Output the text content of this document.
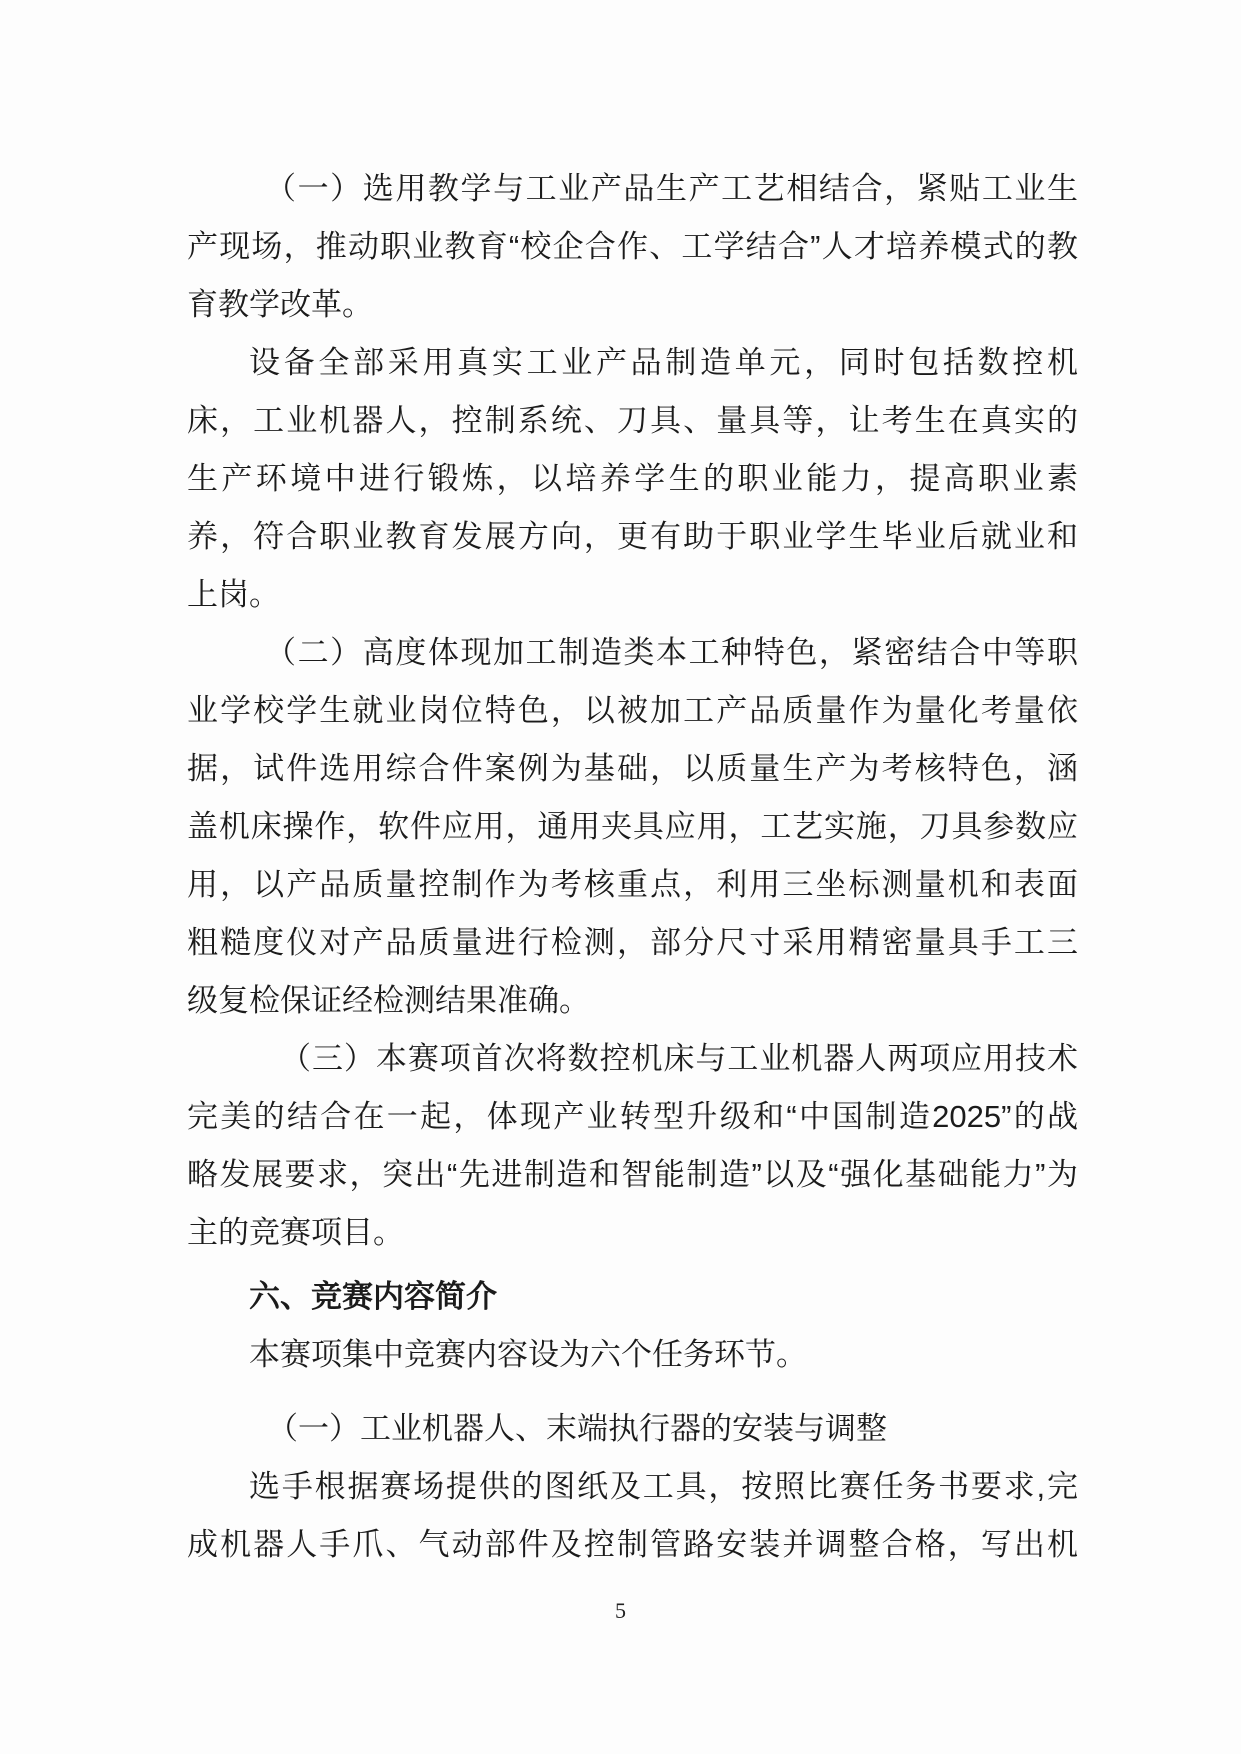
（一）选用教学与工业产品生产工艺相结合，紧贴工业生
产现场，推动职业教育“校企合作、工学结合”人才培养模式的教
育教学改革。
设备全部采用真实工业产品制造单元，同时包括数控机
床，工业机器人，控制系统、刀具、量具等，让考生在真实的
生产环境中进行锻炼，以培养学生的职业能力，提高职业素
养，符合职业教育发展方向，更有助于职业学生毕业后就业和
上岗。
（二）高度体现加工制造类本工种特色，紧密结合中等职
业学校学生就业岗位特色，以被加工产品质量作为量化考量依
据，试件选用综合件案例为基础，以质量生产为考核特色，涵
盖机床操作，软件应用，通用夹具应用，工艺实施，刀具参数应
用，以产品质量控制作为考核重点，利用三坐标测量机和表面
粗糙度仪对产品质量进行检测，部分尺寸采用精密量具手工三
级复检保证经检测结果准确。
（三）本赛项首次将数控机床与工业机器人两项应用技术
完美的结合在一起，体现产业转型升级和“中国制造2025”的战
略发展要求，突出“先进制造和智能制造”以及“强化基础能力”为
主的竞赛项目。
六、竞赛内容简介
本赛项集中竞赛内容设为六个任务环节。
（一）工业机器人、末端执行器的安装与调整
选手根据赛场提供的图纸及工具，按照比赛任务书要求,完
成机器人手爪、气动部件及控制管路安装并调整合格，写出机
5
